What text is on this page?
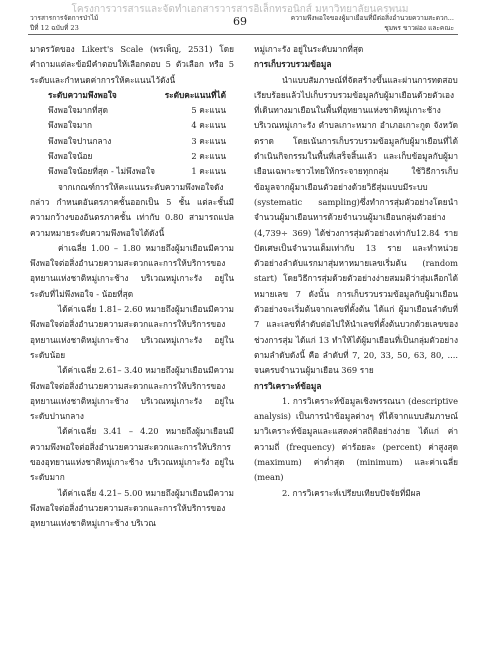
โครงการวารสารและจัดทำเอกสารวารสารอิเล็กทรอนิกส์ มหาวิทยาลัยนครพนม
วารสารการจัดการป่าไม้
ปีที่ 12 ฉบับที่ 23	69	ความพึงพอใจของผู้มาเยือนที่มีต่อสิ่งอำนวยความสะดวก...
ชุมพร ขาวผ่อง และคณะ

มาตรวัดของ Likert's Scale (พรเพ็ญ, 2531) โดยคำถามแต่ละข้อมีคำตอบให้เลือกตอบ 5 ตัวเลือก หรือ 5 ระดับและกำหนดค่าการให้คะแนนไว้ดังนี้

ระดับความพึงพอใจ	ระดับคะแนนที่ได้
พึงพอใจมากที่สุด	5 คะแนน
พึงพอใจมาก	4 คะแนน
พึงพอใจปานกลาง	3 คะแนน
พึงพอใจน้อย	2 คะแนน
พึงพอใจน้อยที่สุด - ไม่พึงพอใจ	1 คะแนน

จากเกณฑ์การให้คะแนนระดับความพึงพอใจดังกล่าว กำหนดอันตรภาคชั้นออกเป็น 5 ชั้น แต่ละชั้นมีความกว้างของอันตรภาคชั้น เท่ากับ 0.80 สามารถแปลความหมายระดับความพึงพอใจได้ดังนี้

ค่าเฉลี่ย 1.00 – 1.80 หมายถึงผู้มาเยือนมีความพึงพอใจต่อสิ่งอำนวยความสะดวกและการให้บริการของอุทยานแห่งชาติหมู่เกาะช้าง บริเวณหมู่เกาะรัง อยู่ในระดับที่ไม่พึงพอใจ - น้อยที่สุด

ได้ค่าเฉลี่ย 1.81– 2.60 หมายถึงผู้มาเยือนมีความพึงพอใจต่อสิ่งอำนวยความสะดวกและการให้บริการของอุทยานแห่งชาติหมู่เกาะช้าง บริเวณหมู่เกาะรัง อยู่ในระดับน้อย

ได้ค่าเฉลี่ย 2.61– 3.40 หมายถึงผู้มาเยือนมีความพึงพอใจต่อสิ่งอำนวยความสะดวกและการให้บริการของอุทยานแห่งชาติหมู่เกาะช้าง บริเวณหมู่เกาะรัง อยู่ในระดับปานกลาง

ได้ค่าเฉลี่ย 3.41 – 4.20 หมายถึงผู้มาเยือนมีความพึงพอใจต่อสิ่งอำนวยความสะดวกและการให้บริการของอุทยานแห่งชาติหมู่เกาะช้าง บริเวณหมู่เกาะรัง อยู่ในระดับมาก

ได้ค่าเฉลี่ย 4.21– 5.00 หมายถึงผู้มาเยือนมีความพึงพอใจต่อสิ่งอำนวยความสะดวกและการให้บริการของอุทยานแห่งชาติหมู่เกาะช้าง บริเวณ

หมู่เกาะรัง อยู่ในระดับมากที่สุด

การเก็บรวบรวมข้อมูล

นำแบบสัมภาษณ์ที่จัดสร้างขึ้นและผ่านการทดสอบเรียบร้อยแล้วไปเก็บรวบรวมข้อมูลกับผู้มาเยือนด้วยตัวเองที่เดินทางมาเยือนในพื้นที่อุทยานแห่งชาติหมู่เกาะช้าง บริเวณหมู่เกาะรัง ตำบลเกาะหมาก อำเภอเกาะกูด จังหวัดตราด โดยเน้นการเก็บรวบรวมข้อมูลกับผู้มาเยือนที่ได้ดำเนินกิจกรรมในพื้นที่เสร็จสิ้นแล้ว และเก็บข้อมูลกับผู้มาเยือนเฉพาะชาวไทยให้กระจายทุกกลุ่ม ใช้วิธีการเก็บข้อมูลจากผู้มาเยือนตัวอย่างด้วยวิธีสุ่มแบบมีระบบ (systematic sampling)ซึ่งทำการสุ่มตัวอย่างโดยนำจำนวนผู้มาเยือนหารด้วยจำนวนผู้มาเยือนกลุ่มตัวอย่าง (4,739÷ 369) ได้ช่วงการสุ่มตัวอย่างเท่ากับ12.84 รายปัดเศษเป็นจำนวนเต็มเท่ากับ 13 ราย และทำหน่วยตัวอย่างลำดับแรกมาสุ่มหาหมายเลขเริ่มต้น (random start) โดยวิธีการสุ่มด้วยตัวอย่างง่ายสมมติว่าสุ่มเลือกได้หมายเลข 7 ดังนั้น การเก็บรวบรวมข้อมูลกับผู้มาเยือนตัวอย่างจะเริ่มต้นจากเลขที่ตั้งต้น ได้แก่ ผู้มาเยือนลำดับที่ 7 และเลขที่ลำดับต่อไปให้นำเลขที่ตั้งต้นบวกด้วยเลขของช่วงการสุ่ม ได้แก่ 13 ทำให้ได้ผู้มาเยือนที่เป็นกลุ่มตัวอย่างตามลำดับดังนี้ คือ ลำดับที่ 7, 20, 33, 50, 63, 80, .... จนครบจำนวนผู้มาเยือน 369 ราย

การวิเคราะห์ข้อมูล

1. การวิเคราะห์ข้อมูลเชิงพรรณนา (descriptive analysis) เป็นการนำข้อมูลต่างๆ ที่ได้จากแบบสัมภาษณ์มาวิเคราะห์ข้อมูลและแสดงค่าสถิติอย่างง่าย ได้แก่ ค่าความถี่ (frequency) ค่าร้อยละ (percent) ค่าสูงสุด (maximum) ค่าต่ำสุด (minimum) และค่าเฉลี่ย (mean)

2. การวิเคราะห์เปรียบเทียบปัจจัยที่มีผล
